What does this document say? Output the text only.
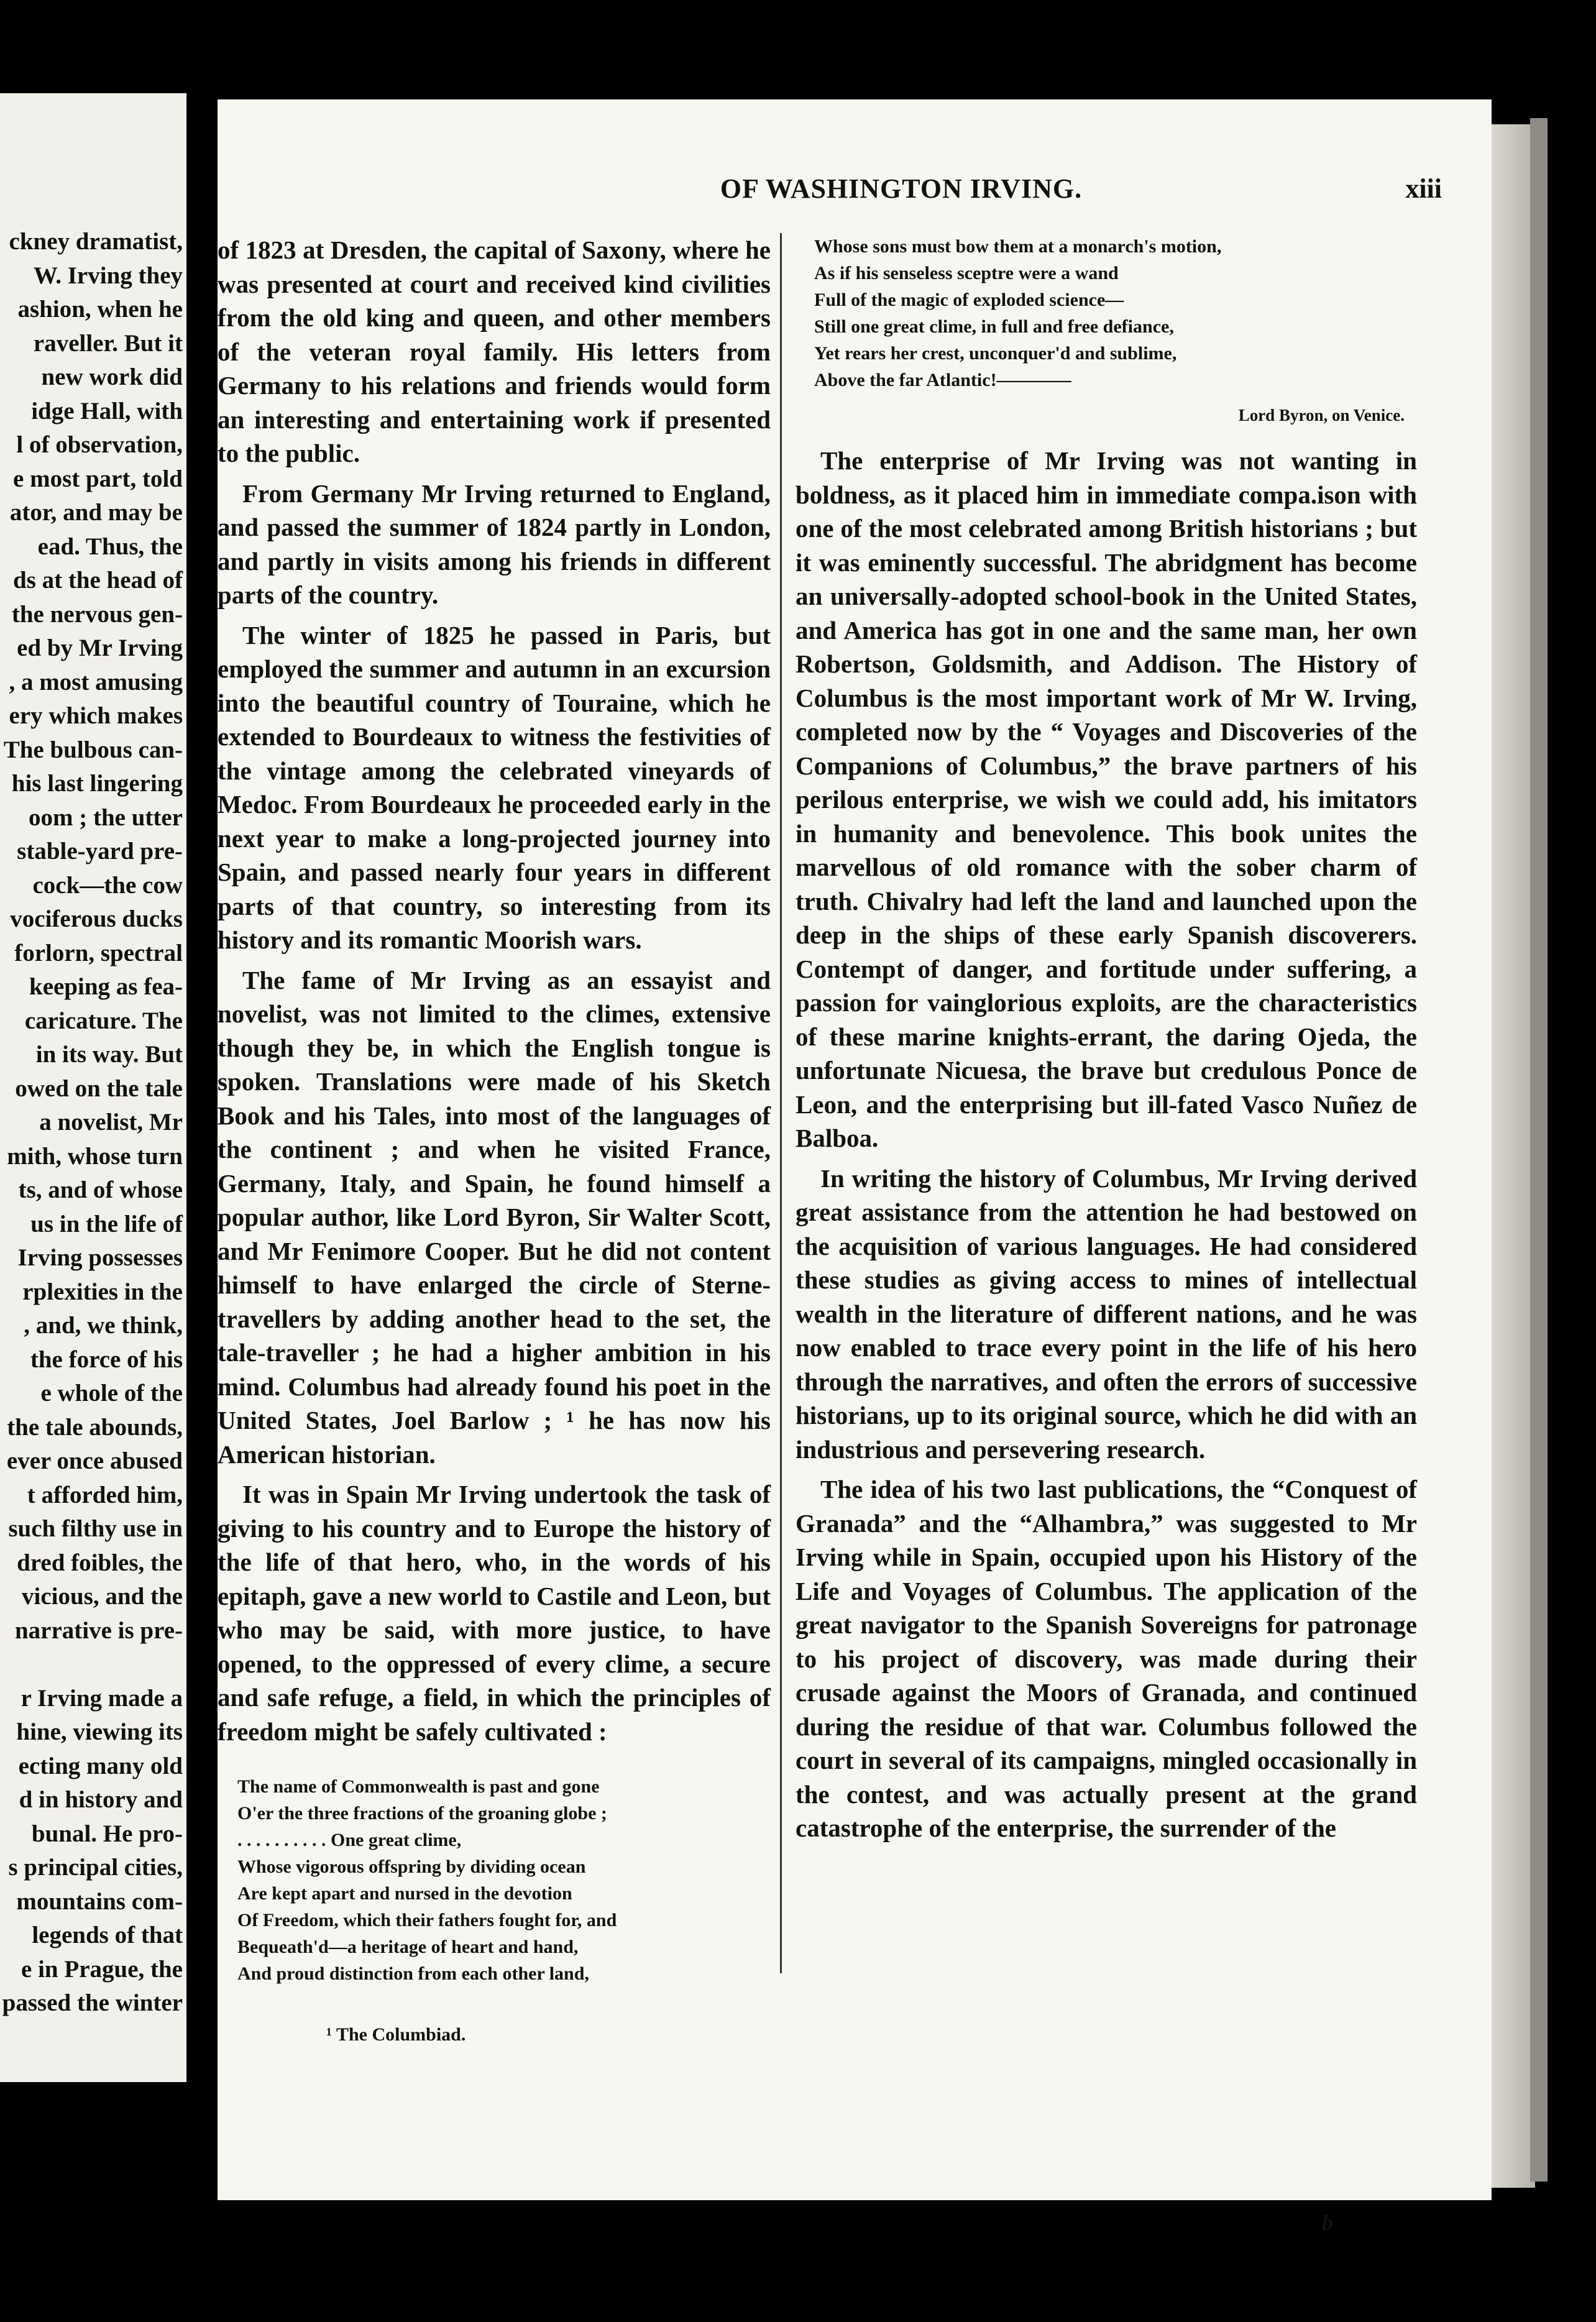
ckney dramatist,
W. Irving they
ashion, when he
raveller. But it
new work did
idge Hall, with
l of observation,
e most part, told
ator, and may be
ead. Thus, the
ds at the head of
the nervous gen-
ed by Mr Irving
, a most amusing
ery which makes
The bulbous can-
his last lingering
oom ; the utter
stable-yard pre-
cock—the cow
vociferous ducks
forlorn, spectral
keeping as fea-
caricature. The
in its way. But
owed on the tale
a novelist, Mr
mith, whose turn
ts, and of whose
us in the life of
Irving possesses
rplexities in the
, and, we think,
the force of his
e whole of the
the tale abounds,
ever once abused
t afforded him,
such filthy use in
dred foibles, the
vicious, and the
narrative is pre-
r Irving made a
hine, viewing its
ecting many old
d in history and
bunal. He pro-
s principal cities,
mountains com-
legends of that
e in Prague, the
passed the winter
OF WASHINGTON IRVING.	xiii

of 1823 at Dresden, the capital of Saxony, where he was presented at court and received kind civilities from the old king and queen, and other members of the veteran royal family. His letters from Germany to his relations and friends would form an interesting and entertaining work if presented to the public.

From Germany Mr Irving returned to England, and passed the summer of 1824 partly in London, and partly in visits among his friends in different parts of the country.

The winter of 1825 he passed in Paris, but employed the summer and autumn in an excursion into the beautiful country of Touraine, which he extended to Bourdeaux to witness the festivities of the vintage among the celebrated vineyards of Medoc. From Bourdeaux he proceeded early in the next year to make a long-projected journey into Spain, and passed nearly four years in different parts of that country, so interesting from its history and its romantic Moorish wars.

The fame of Mr Irving as an essayist and novelist, was not limited to the climes, extensive though they be, in which the English tongue is spoken. Translations were made of his Sketch Book and his Tales, into most of the languages of the continent ; and when he visited France, Germany, Italy, and Spain, he found himself a popular author, like Lord Byron, Sir Walter Scott, and Mr Fenimore Cooper. But he did not content himself to have enlarged the circle of Sterne-travellers by adding another head to the set, the tale-traveller ; he had a higher ambition in his mind. Columbus had already found his poet in the United States, Joel Barlow ; ¹ he has now his American historian.

It was in Spain Mr Irving undertook the task of giving to his country and to Europe the history of the life of that hero, who, in the words of his epitaph, gave a new world to Castile and Leon, but who may be said, with more justice, to have opened, to the oppressed of every clime, a secure and safe refuge, a field, in which the principles of freedom might be safely cultivated :

The name of Commonwealth is past and gone
O'er the three fractions of the groaning globe ;
. . . . . . . . . . One great clime,
Whose vigorous offspring by dividing ocean
Are kept apart and nursed in the devotion
Of Freedom, which their fathers fought for, and
Bequeath'd—a heritage of heart and hand,
And proud distinction from each other land,
¹ The Columbiad.
Whose sons must bow them at a monarch's motion,
As if his senseless sceptre were a wand
Full of the magic of exploded science—
Still one great clime, in full and free defiance,
Yet rears her crest, unconquer'd and sublime,
Above the far Atlantic!————
Lord Byron, on Venice.

The enterprise of Mr Irving was not wanting in boldness, as it placed him in immediate compa.ison with one of the most celebrated among British historians ; but it was eminently successful. The abridgment has become an universally-adopted school-book in the United States, and America has got in one and the same man, her own Robertson, Goldsmith, and Addison. The History of Columbus is the most important work of Mr W. Irving, completed now by the “ Voyages and Discoveries of the Companions of Columbus,” the brave partners of his perilous enterprise, we wish we could add, his imitators in humanity and benevolence. This book unites the marvellous of old romance with the sober charm of truth. Chivalry had left the land and launched upon the deep in the ships of these early Spanish discoverers. Contempt of danger, and fortitude under suffering, a passion for vainglorious exploits, are the characteristics of these marine knights-errant, the daring Ojeda, the unfortunate Nicuesa, the brave but credulous Ponce de Leon, and the enterprising but ill-fated Vasco Nuñez de Balboa.

In writing the history of Columbus, Mr Irving derived great assistance from the attention he had bestowed on the acquisition of various languages. He had considered these studies as giving access to mines of intellectual wealth in the literature of different nations, and he was now enabled to trace every point in the life of his hero through the narratives, and often the errors of successive historians, up to its original source, which he did with an industrious and persevering research.

The idea of his two last publications, the “Conquest of Granada” and the “Alhambra,” was suggested to Mr Irving while in Spain, occupied upon his History of the Life and Voyages of Columbus. The application of the great navigator to the Spanish Sovereigns for patronage to his project of discovery, was made during their crusade against the Moors of Granada, and continued during the residue of that war. Columbus followed the court in several of its campaigns, mingled occasionally in the contest, and was actually present at the grand catastrophe of the enterprise, the surrender of the

b
